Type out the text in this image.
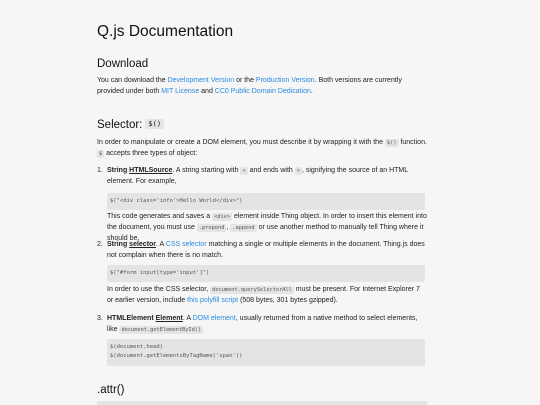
Q.js Documentation
Download

You can download the Development Version or the Production Version. Both versions are currently provided under both MIT License and CC0 Public Domain Dedication.

Selector: $()

In order to manipulate or create a DOM element, you must describe it by wrapping it with the $() function. $ accepts three types of object:

1. String HTMLSource. A string starting with < and ends with > , signifying the source of an HTML element. For example,

$("<div class='info'>Hello World</div>")

This code generates and saves a <div> element inside Thing object. In order to insert this element into the document, you must use .prepend , .append or use another method to manually tell Thing where it should be.

2. String selector. A CSS selector matching a single or multiple elements in the document. Thing.js does not complain when there is no match.

$("#form input[type='input']")

In order to use the CSS selector, document.querySelectorAll must be present. For Internet Explorer 7 or earlier version, include this polyfill script (508 bytes, 301 bytes gzipped).

3. HTMLElement Element. A DOM element, usually returned from a native method to select elements, like document.getElementById()

$(document.head)
$(document.getElementsByTagName('span'))
.attr()
